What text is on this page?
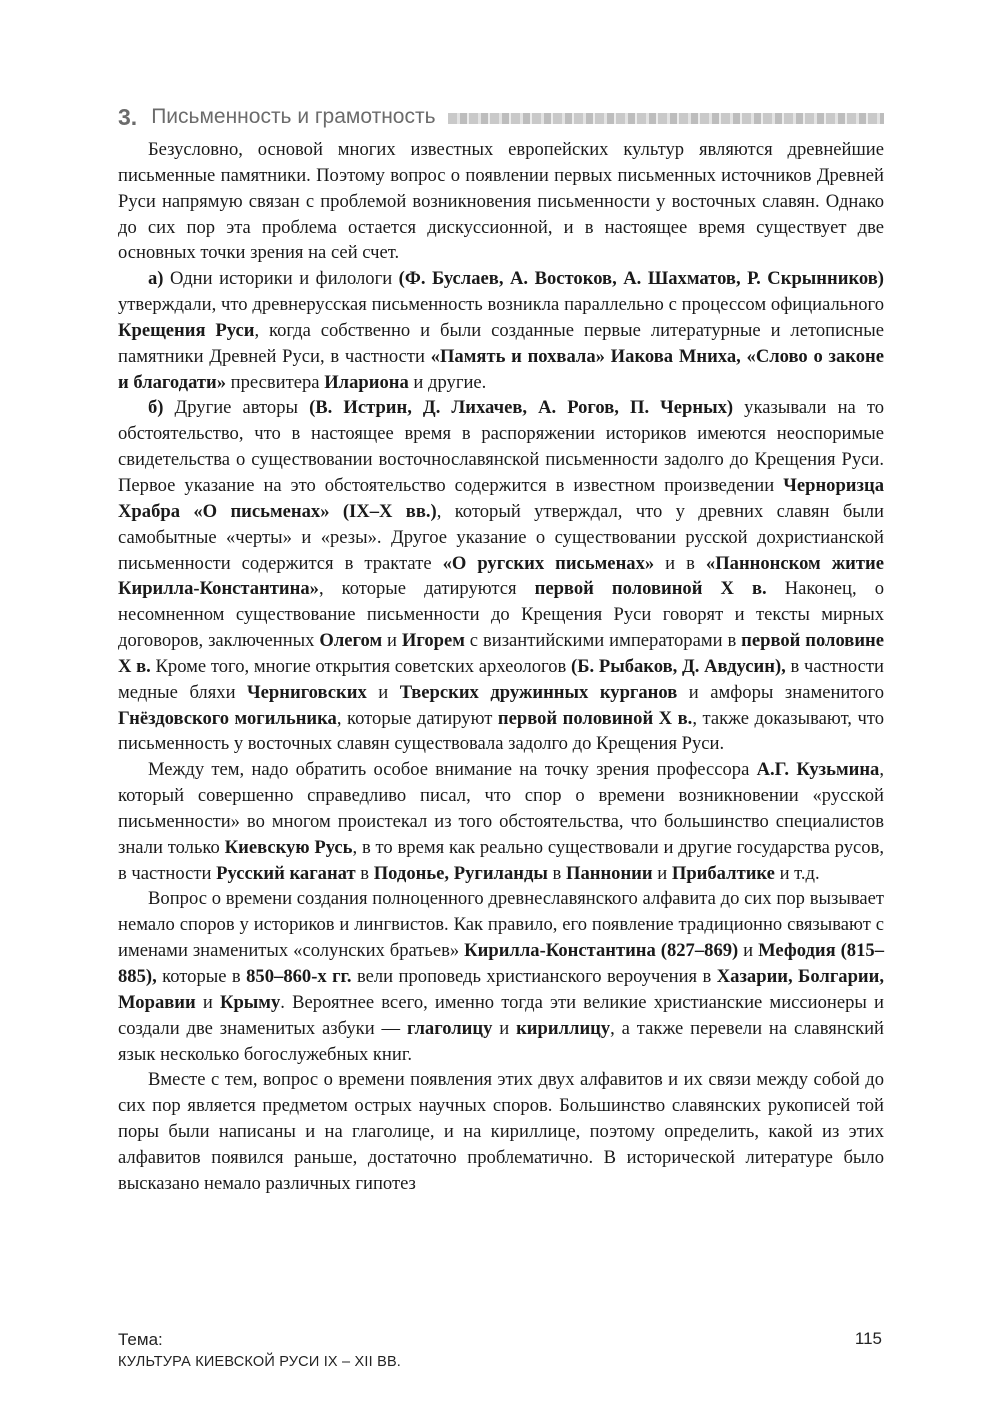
3. Письменность и грамотность

Безусловно, основой многих известных европейских культур являются древнейшие письменные памятники. Поэтому вопрос о появлении первых письменных источников Древней Руси напрямую связан с проблемой возникновения письменности у восточных славян. Однако до сих пор эта проблема остается дискуссионной, и в настоящее время существует две основных точки зрения на сей счет.

а) Одни историки и филологи (Ф. Буслаев, А. Востоков, А. Шахматов, Р. Скрынников) утверждали, что древнерусская письменность возникла параллельно с процессом официального Крещения Руси, когда собственно и были созданные первые литературные и летописные памятники Древней Руси, в частности «Память и похвала» Иакова Мниха, «Слово о законе и благодати» пресвитера Илариона и другие.

б) Другие авторы (В. Истрин, Д. Лихачев, А. Рогов, П. Черных) указывали на то обстоятельство, что в настоящее время в распоряжении историков имеются неоспоримые свидетельства о существовании восточнославянской письменности задолго до Крещения Руси. Первое указание на это обстоятельство содержится в известном произведении Черноризца Храбра «О письменах» (IX–X вв.), который утверждал, что у древних славян были самобытные «черты» и «резы». Другое указание о существовании русской дохристианской письменности содержится в трактате «О ругских письменах» и в «Паннонском житие Кирилла-Константина», которые датируются первой половиной X в. Наконец, о несомненном существование письменности до Крещения Руси говорят и тексты мирных договоров, заключенных Олегом и Игорем с византийскими императорами в первой половине X в. Кроме того, многие открытия советских археологов (Б. Рыбаков, Д. Авдусин), в частности медные бляхи Черниговских и Тверских дружинных курганов и амфоры знаменитого Гнёздовского могильника, которые датируют первой половиной X в., также доказывают, что письменность у восточных славян существовала задолго до Крещения Руси.

Между тем, надо обратить особое внимание на точку зрения профессора А.Г. Кузьмина, который совершенно справедливо писал, что спор о времени возникновении «русской письменности» во многом проистекал из того обстоятельства, что большинство специалистов знали только Киевскую Русь, в то время как реально существовали и другие государства русов, в частности Русский каганат в Подонье, Ругиланды в Паннонии и Прибалтике и т.д.

Вопрос о времени создания полноценного древнеславянского алфавита до сих пор вызывает немало споров у историков и лингвистов. Как правило, его появление традиционно связывают с именами знаменитых «солунских братьев» Кирилла-Константина (827–869) и Мефодия (815–885), которые в 850–860-х гг. вели проповедь христианского вероучения в Хазарии, Болгарии, Моравии и Крыму. Вероятнее всего, именно тогда эти великие христианские миссионеры и создали две знаменитых азбуки — глаголицу и кириллицу, а также перевели на славянский язык несколько богослужебных книг.

Вместе с тем, вопрос о времени появления этих двух алфавитов и их связи между собой до сих пор является предметом острых научных споров. Большинство славянских рукописей той поры были написаны и на глаголице, и на кириллице, поэтому определить, какой из этих алфавитов появился раньше, достаточно проблематично. В исторической литературе было высказано немало различных гипотез

Тема:
КУЛЬТУРА КИЕВСКОЙ РУСИ IX – XII ВВ.
115
